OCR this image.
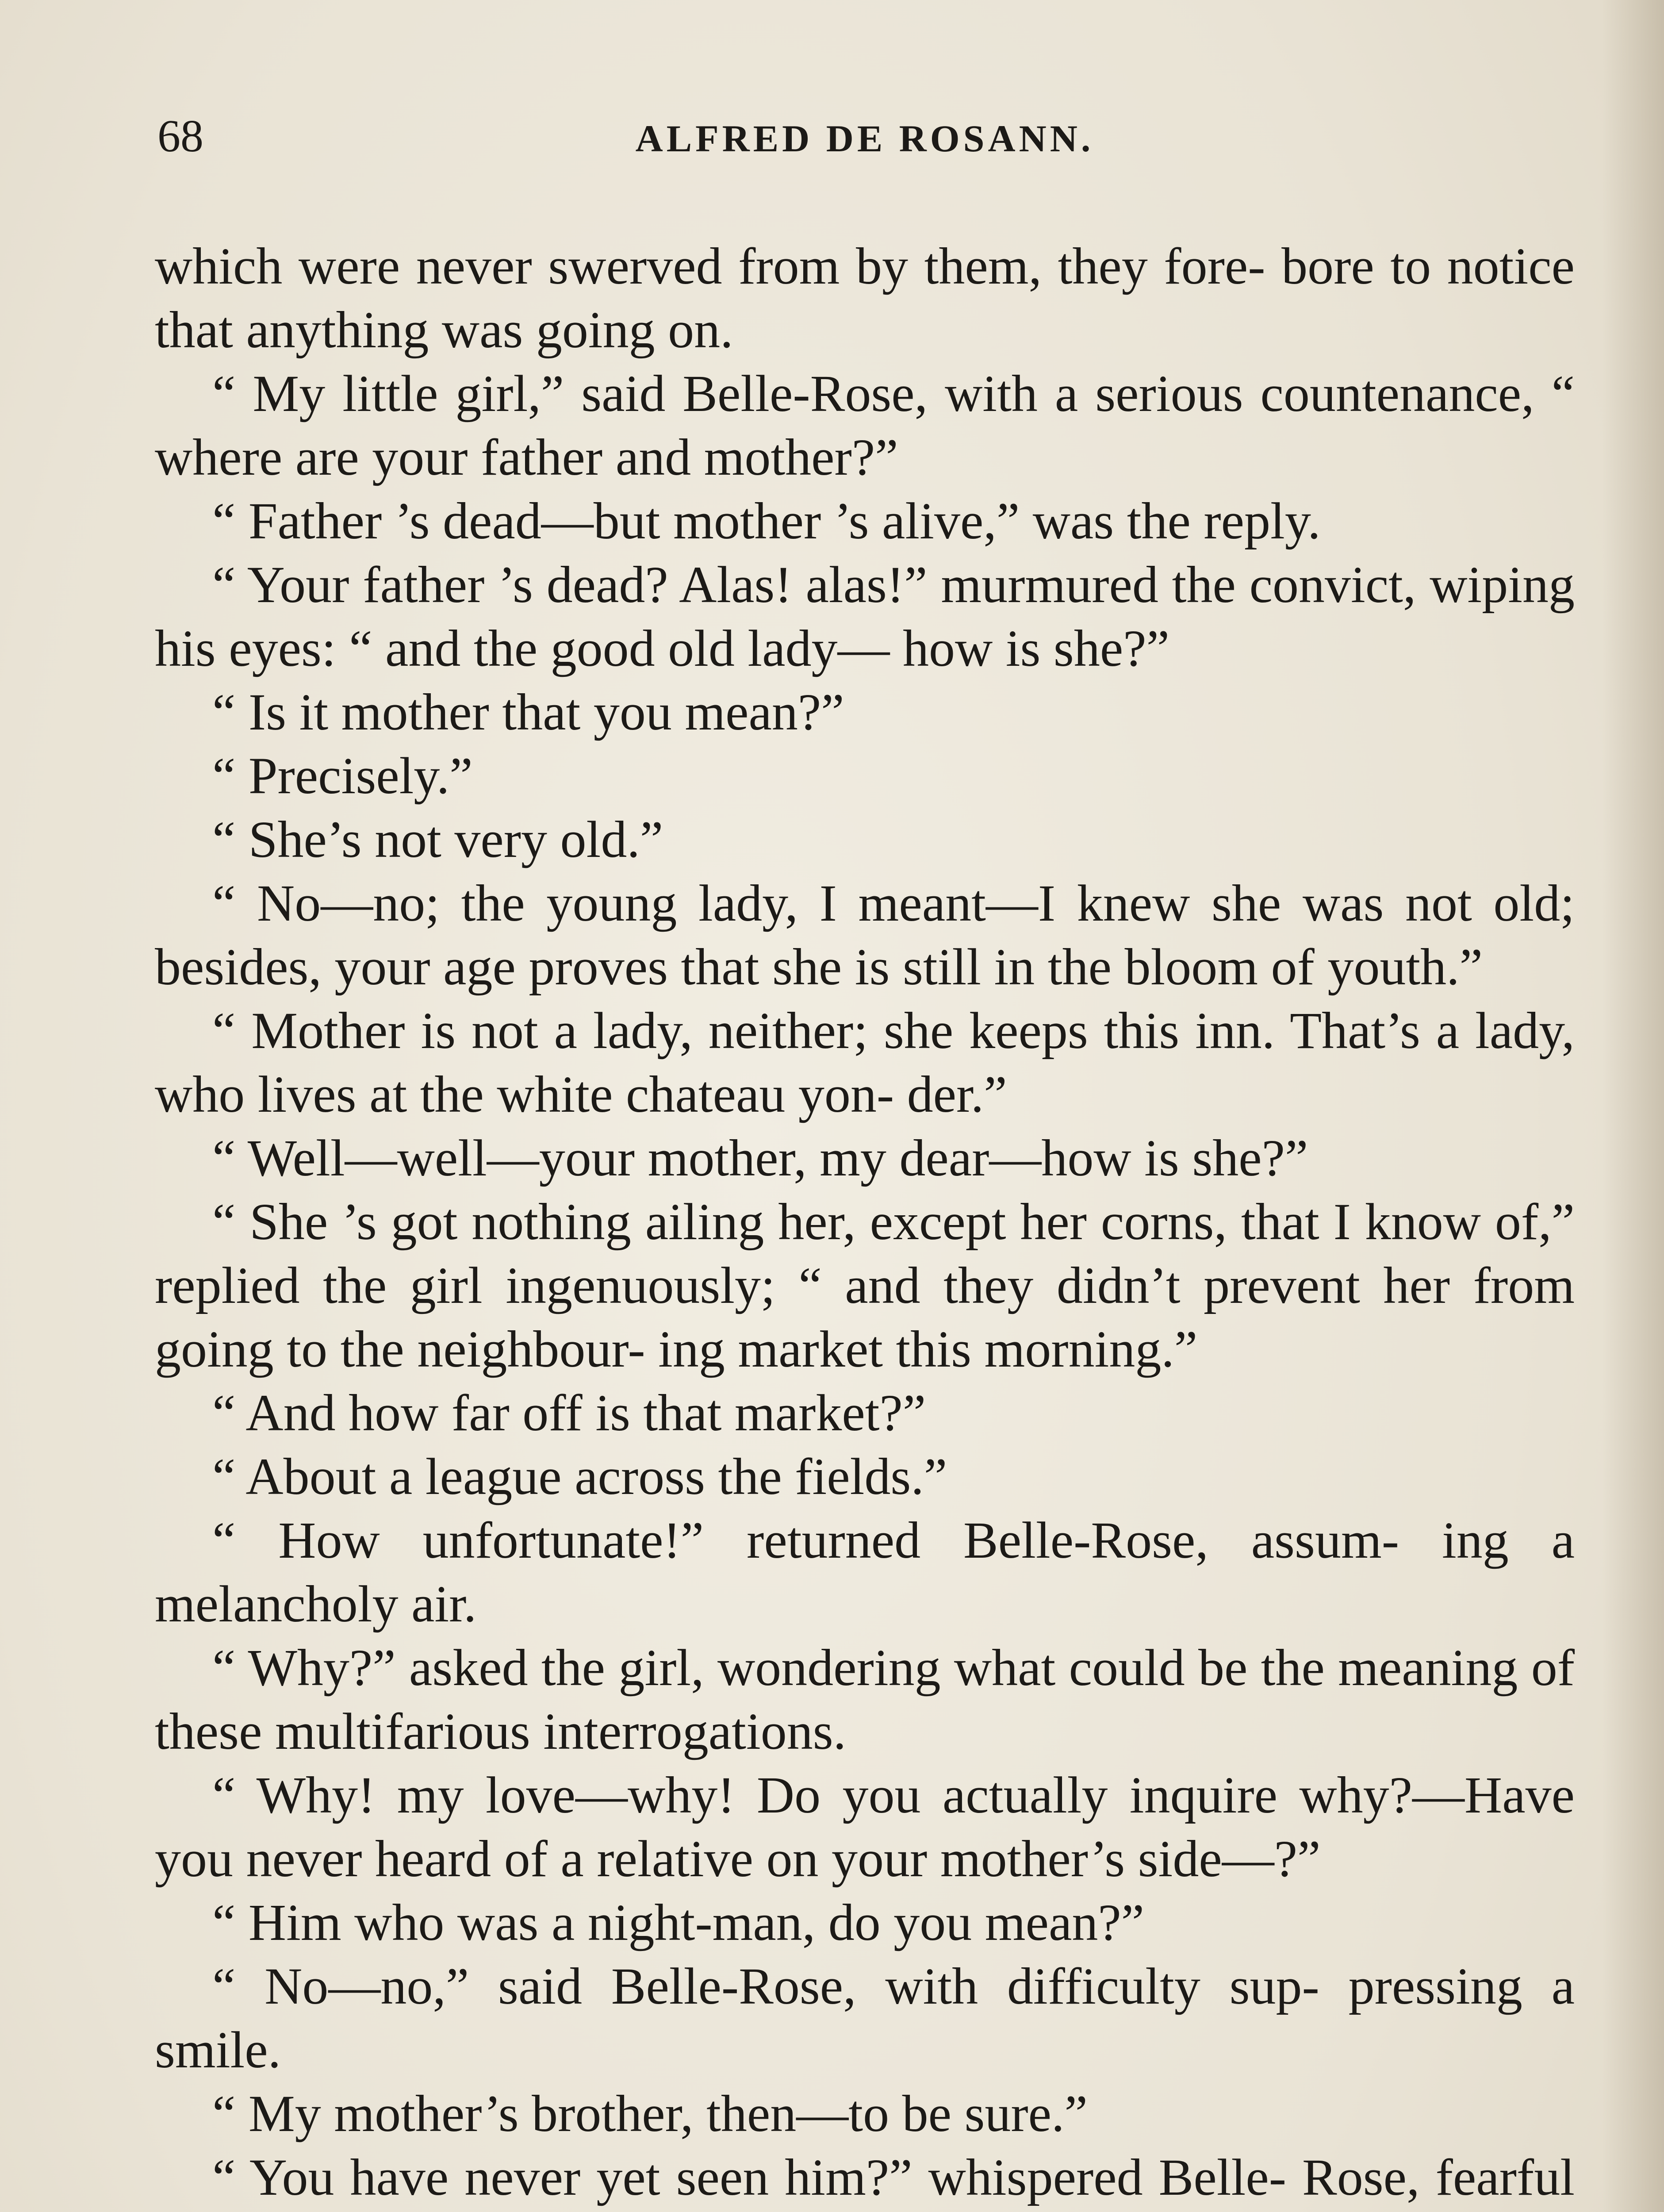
68	ALFRED DE ROSANN.

which were never swerved from by them, they fore- bore to notice that anything was going on.

“ My little girl,” said Belle-Rose, with a serious countenance, “ where are your father and mother?”

“ Father ’s dead—but mother ’s alive,” was the reply.

“ Your father ’s dead? Alas! alas!” murmured the convict, wiping his eyes: “ and the good old lady— how is she?”

“ Is it mother that you mean?”

“ Precisely.”

“ She’s not very old.”

“ No—no; the young lady, I meant—I knew she was not old; besides, your age proves that she is still in the bloom of youth.”

“ Mother is not a lady, neither; she keeps this inn. That’s a lady, who lives at the white chateau yon- der.”

“ Well—well—your mother, my dear—how is she?”

“ She ’s got nothing ailing her, except her corns, that I know of,” replied the girl ingenuously; “ and they didn’t prevent her from going to the neighbour- ing market this morning.”

“ And how far off is that market?”

“ About a league across the fields.”

“ How unfortunate!” returned Belle-Rose, assum- ing a melancholy air.

“ Why?” asked the girl, wondering what could be the meaning of these multifarious interrogations.

“ Why! my love—why! Do you actually inquire why?—Have you never heard of a relative on your mother’s side—?”

“ Him who was a night-man, do you mean?”

“ No—no,” said Belle-Rose, with difficulty sup- pressing a smile.

“ My mother’s brother, then—to be sure.”

“ You have never yet seen him?” whispered Belle- Rose, fearful
